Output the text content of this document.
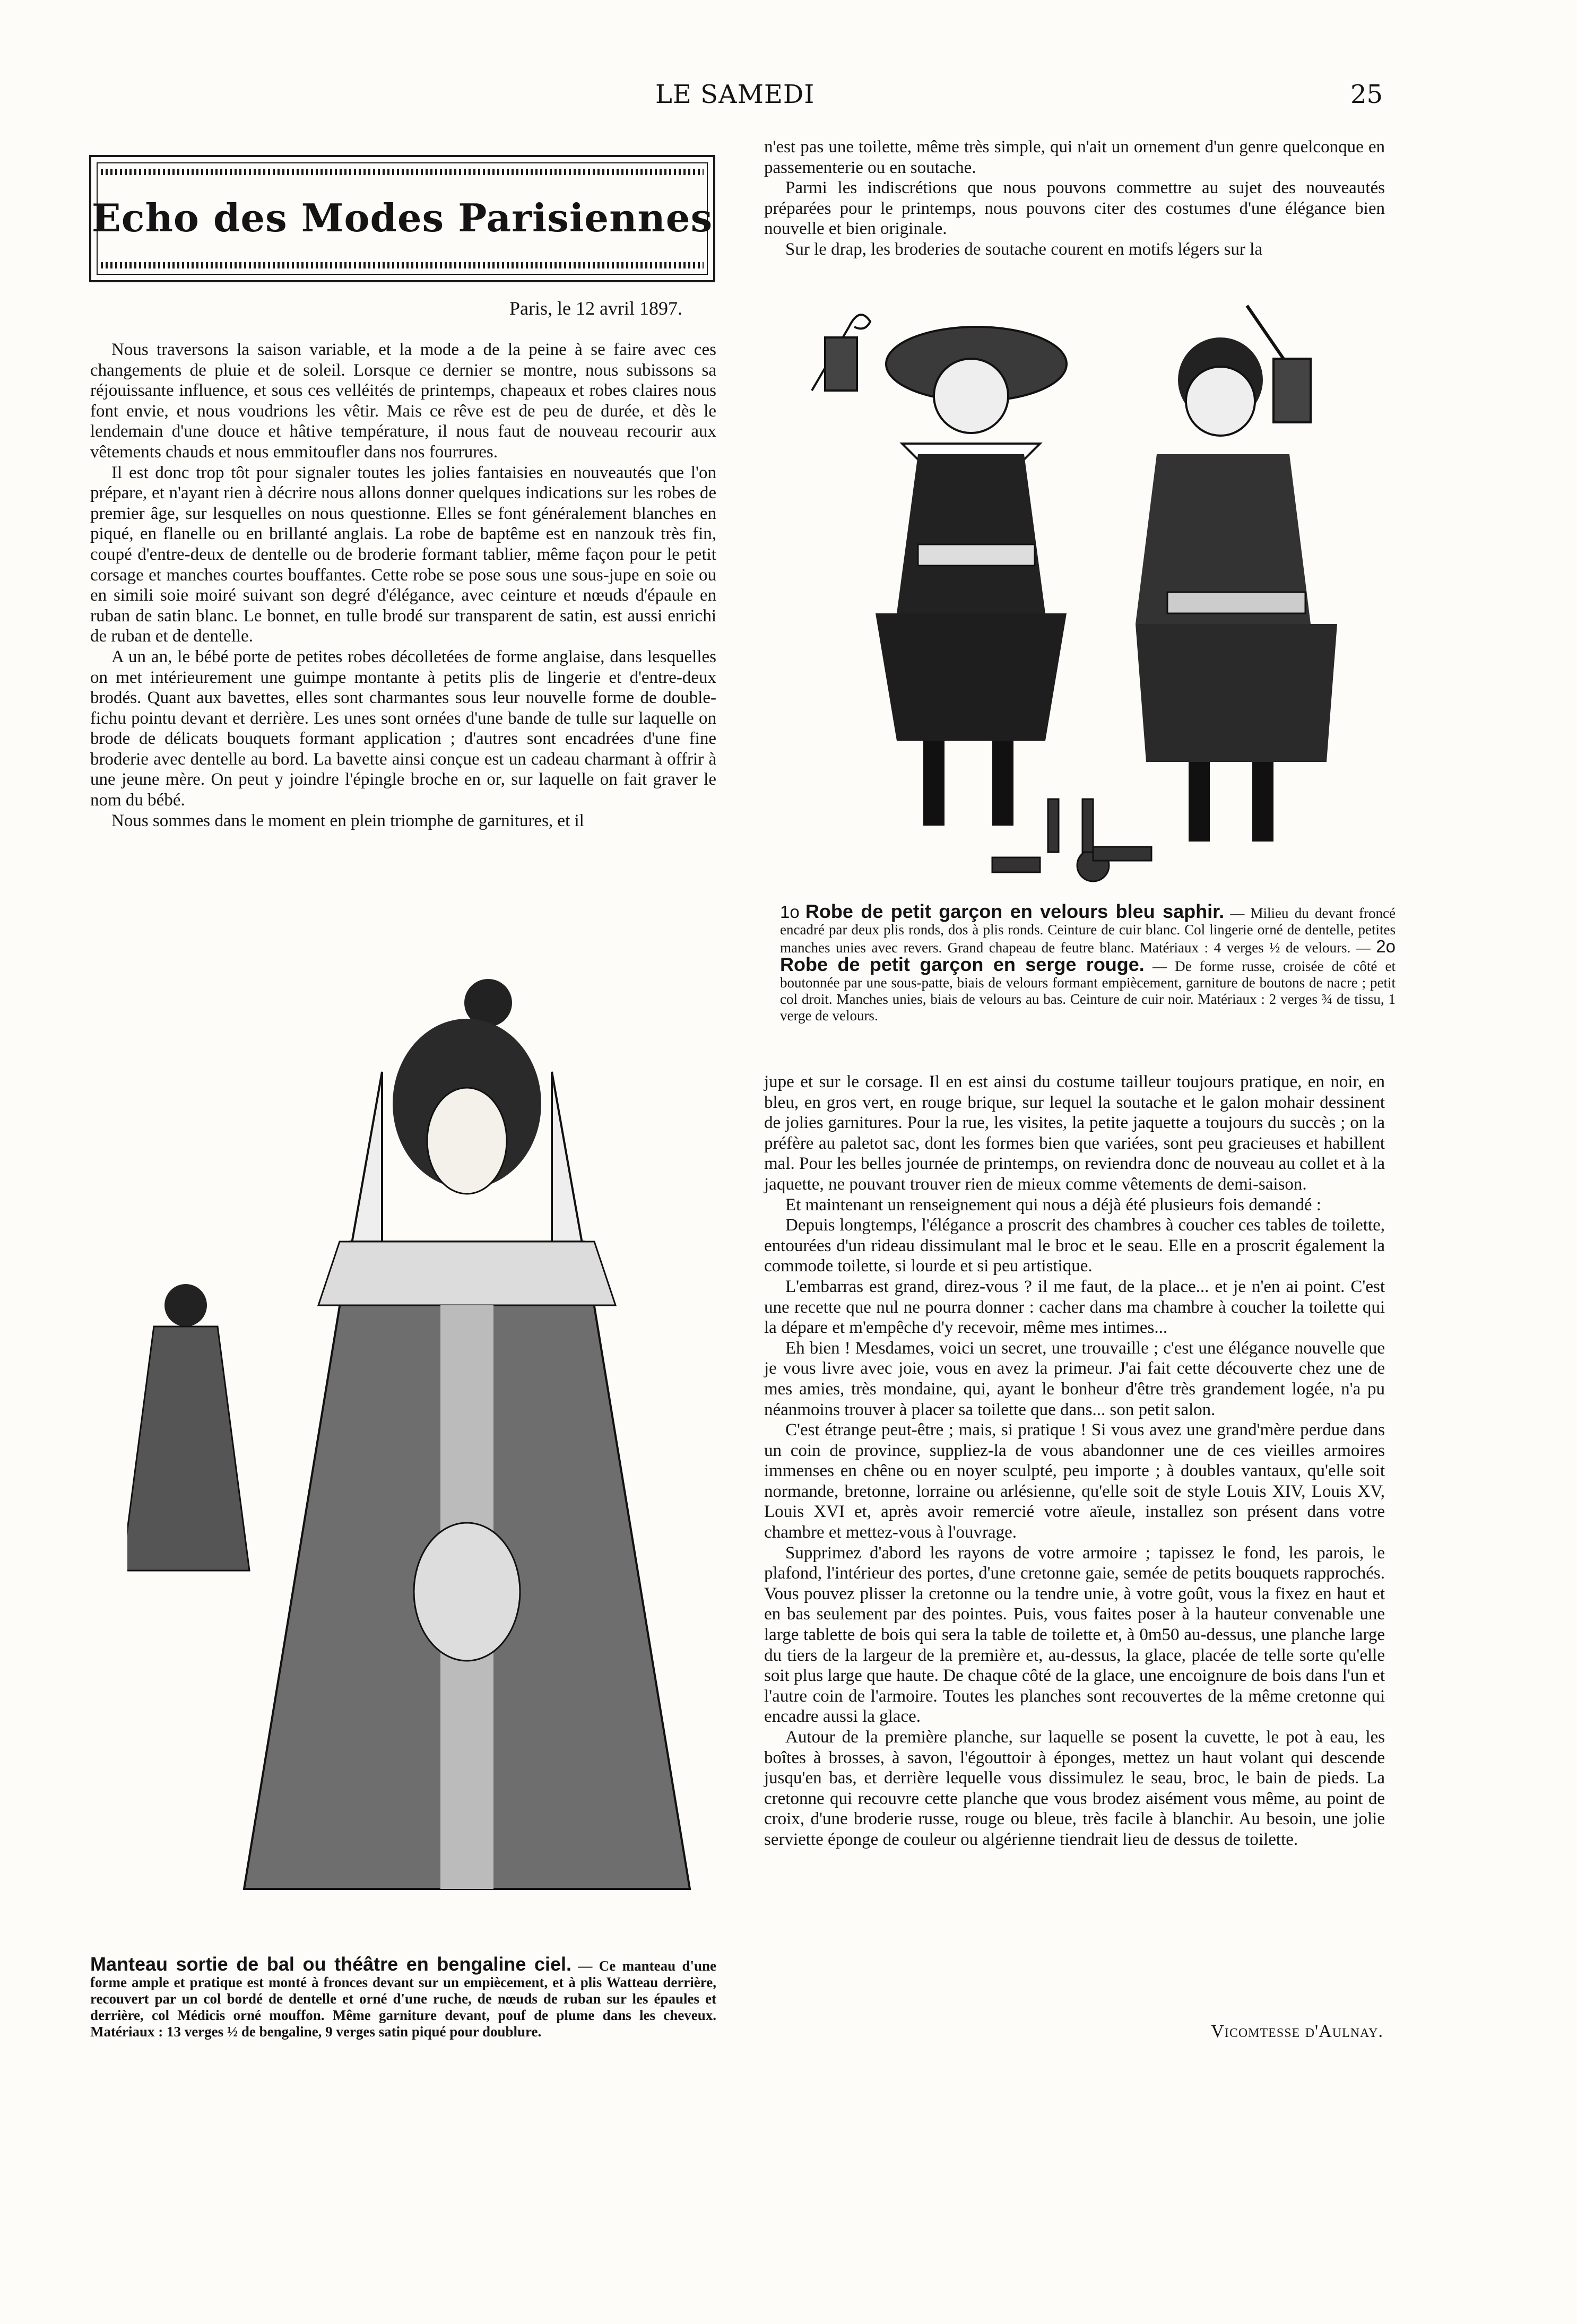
LE SAMEDI	25
Echo des Modes Parisiennes
Paris, le 12 avril 1897.

Nous traversons la saison variable, et la mode a de la peine à se faire avec ces changements de pluie et de soleil. Lorsque ce dernier se montre, nous subissons sa réjouissante influence, et sous ces velléités de printemps, chapeaux et robes claires nous font envie, et nous voudrions les vêtir. Mais ce rêve est de peu de durée, et dès le lendemain d'une douce et hâtive température, il nous faut de nouveau recourir aux vêtements chauds et nous emmitoufler dans nos fourrures.

Il est donc trop tôt pour signaler toutes les jolies fantaisies en nouveautés que l'on prépare, et n'ayant rien à décrire nous allons donner quelques indications sur les robes de premier âge, sur lesquelles on nous questionne. Elles se font généralement blanches en piqué, en flanelle ou en brillanté anglais. La robe de baptême est en nanzouk très fin, coupé d'entre-deux de dentelle ou de broderie formant tablier, même façon pour le petit corsage et manches courtes bouffantes. Cette robe se pose sous une sous-jupe en soie ou en simili soie moiré suivant son degré d'élégance, avec ceinture et nœuds d'épaule en ruban de satin blanc. Le bonnet, en tulle brodé sur transparent de satin, est aussi enrichi de ruban et de dentelle.

A un an, le bébé porte de petites robes décolletées de forme anglaise, dans lesquelles on met intérieurement une guimpe montante à petits plis de lingerie et d'entre-deux brodés. Quant aux bavettes, elles sont charmantes sous leur nouvelle forme de double-fichu pointu devant et derrière. Les unes sont ornées d'une bande de tulle sur laquelle on brode de délicats bouquets formant application ; d'autres sont encadrées d'une fine broderie avec dentelle au bord. La bavette ainsi conçue est un cadeau charmant à offrir à une jeune mère. On peut y joindre l'épingle broche en or, sur laquelle on fait graver le nom du bébé.

Nous sommes dans le moment en plein triomphe de garnitures, et il

n'est pas une toilette, même très simple, qui n'ait un ornement d'un genre quelconque en passementerie ou en soutache.

Parmi les indiscrétions que nous pouvons commettre au sujet des nouveautés préparées pour le printemps, nous pouvons citer des costumes d'une élégance bien nouvelle et bien originale.

Sur le drap, les broderies de soutache courent en motifs légers sur la

1o Robe de petit garçon en velours bleu saphir. — Milieu du devant froncé encadré par deux plis ronds, dos à plis ronds. Ceinture de cuir blanc. Col lingerie orné de dentelle, petites manches unies avec revers. Grand chapeau de feutre blanc. Matériaux : 4 verges ½ de velours. — 2o Robe de petit garçon en serge rouge. — De forme russe, croisée de côté et boutonnée par une sous-patte, biais de velours formant empiècement, garniture de boutons de nacre ; petit col droit. Manches unies, biais de velours au bas. Ceinture de cuir noir. Matériaux : 2 verges ¾ de tissu, 1 verge de velours.

jupe et sur le corsage. Il en est ainsi du costume tailleur toujours pratique, en noir, en bleu, en gros vert, en rouge brique, sur lequel la soutache et le galon mohair dessinent de jolies garnitures. Pour la rue, les visites, la petite jaquette a toujours du succès ; on la préfère au paletot sac, dont les formes bien que variées, sont peu gracieuses et habillent mal. Pour les belles journée de printemps, on reviendra donc de nouveau au collet et à la jaquette, ne pouvant trouver rien de mieux comme vêtements de demi-saison.

Et maintenant un renseignement qui nous a déjà été plusieurs fois demandé :

Depuis longtemps, l'élégance a proscrit des chambres à coucher ces tables de toilette, entourées d'un rideau dissimulant mal le broc et le seau. Elle en a proscrit également la commode toilette, si lourde et si peu artistique.

L'embarras est grand, direz-vous ? il me faut, de la place... et je n'en ai point. C'est une recette que nul ne pourra donner : cacher dans ma chambre à coucher la toilette qui la dépare et m'empêche d'y recevoir, même mes intimes...

Eh bien ! Mesdames, voici un secret, une trouvaille ; c'est une élégance nouvelle que je vous livre avec joie, vous en avez la primeur. J'ai fait cette découverte chez une de mes amies, très mondaine, qui, ayant le bonheur d'être très grandement logée, n'a pu néanmoins trouver à placer sa toilette que dans... son petit salon.

C'est étrange peut-être ; mais, si pratique ! Si vous avez une grand'mère perdue dans un coin de province, suppliez-la de vous abandonner une de ces vieilles armoires immenses en chêne ou en noyer sculpté, peu importe ; à doubles vantaux, qu'elle soit normande, bretonne, lorraine ou arlésienne, qu'elle soit de style Louis XIV, Louis XV, Louis XVI et, après avoir remercié votre aïeule, installez son présent dans votre chambre et mettez-vous à l'ouvrage.

Supprimez d'abord les rayons de votre armoire ; tapissez le fond, les parois, le plafond, l'intérieur des portes, d'une cretonne gaie, semée de petits bouquets rapprochés. Vous pouvez plisser la cretonne ou la tendre unie, à votre goût, vous la fixez en haut et en bas seulement par des pointes. Puis, vous faites poser à la hauteur convenable une large tablette de bois qui sera la table de toilette et, à 0m50 au-dessus, une planche large du tiers de la largeur de la première et, au-dessus, la glace, placée de telle sorte qu'elle soit plus large que haute. De chaque côté de la glace, une encoignure de bois dans l'un et l'autre coin de l'armoire. Toutes les planches sont recouvertes de la même cretonne qui encadre aussi la glace.

Autour de la première planche, sur laquelle se posent la cuvette, le pot à eau, les boîtes à brosses, à savon, l'égouttoir à éponges, mettez un haut volant qui descende jusqu'en bas, et derrière lequelle vous dissimulez le seau, broc, le bain de pieds. La cretonne qui recouvre cette planche que vous brodez aisément vous même, au point de croix, d'une broderie russe, rouge ou bleue, très facile à blanchir. Au besoin, une jolie serviette éponge de couleur ou algérienne tiendrait lieu de dessus de toilette.

Vicomtesse d'Aulnay.
Manteau sortie de bal ou théâtre en bengaline ciel. — Ce manteau d'une forme ample et pratique est monté à fronces devant sur un empiècement, et à plis Watteau derrière, recouvert par un col bordé de dentelle et orné d'une ruche, de nœuds de ruban sur les épaules et derrière, col Médicis orné mouffon. Même garniture devant, pouf de plume dans les cheveux. Matériaux : 13 verges ½ de bengaline, 9 verges satin piqué pour doublure.
